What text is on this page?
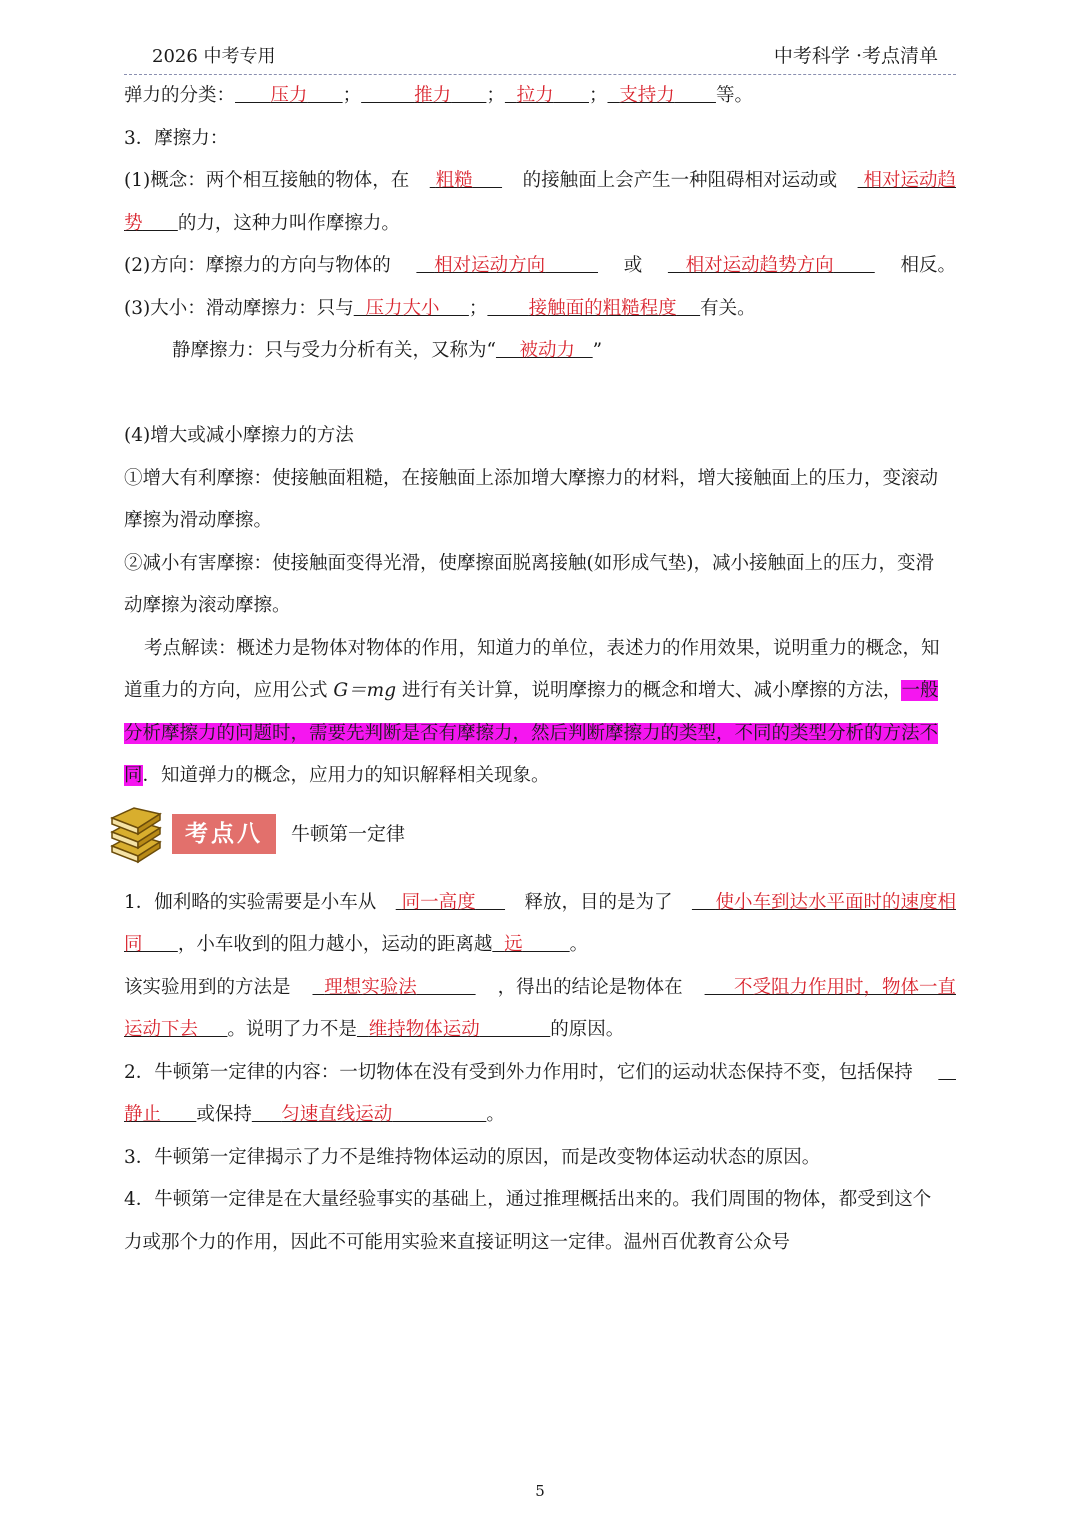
2026 中考专用	中考科学 ·考点清单
弹力的分类： 压力 ；	推力 ； 拉力 ； 支持力 等。
3．摩擦力：
(1)概念：两个相互接触的物体，在	粗糙	的接触面上会产生一种阻碍相对运动或	相对运动趋
势 的力，这种力叫作摩擦力。
(2)方向：摩擦力的方向与物体的	相对运动方向	或	相对运动趋势方向	相反。
(3)大小：滑动摩擦力：只与 压力大小 ； 接触面的粗糙程度 有关。
静摩擦力：只与受力分析有关，又称为“ 被动力 ”
(4)增大或减小摩擦力的方法
①增大有利摩擦：使接触面粗糙，在接触面上添加增大摩擦力的材料，增大接触面上的压力，变滚动
摩擦为滑动摩擦。
②减小有害摩擦：使接触面变得光滑，使摩擦面脱离接触(如形成气垫)，减小接触面上的压力，变滑
动摩擦为滚动摩擦。
考点解读：概述力是物体对物体的作用，知道力的单位，表述力的作用效果，说明重力的概念，知
道重力的方向，应用公式 G＝mg 进行有关计算，说明摩擦力的概念和增大、减小摩擦的方法，一般
分析摩擦力的问题时，需要先判断是否有摩擦力，然后判断摩擦力的类型，不同的类型分析的方法不
同．知道弹力的概念，应用力的知识解释相关现象。
考点八	牛顿第一定律
1．伽利略的实验需要是小车从	同一高度	释放，目的是为了	使小车到达水平面时的速度相
同 ，小车收到的阻力越小，运动的距离越 远	。
该实验用到的方法是	理想实验法	，得出的结论是物体在	不受阻力作用时，物体一直
运动下去 。说明了力不是 维持物体运动	的原因。
2．牛顿第一定律的内容：一切物体在没有受到外力作用时，它们的运动状态保持不变，包括保持

静止 或保持 匀速直线运动	。
3．牛顿第一定律揭示了力不是维持物体运动的原因，而是改变物体运动状态的原因。
4．牛顿第一定律是在大量经验事实的基础上，通过推理概括出来的。我们周围的物体，都受到这个
力或那个力的作用，因此不可能用实验来直接证明这一定律。温州百优教育公众号
5
